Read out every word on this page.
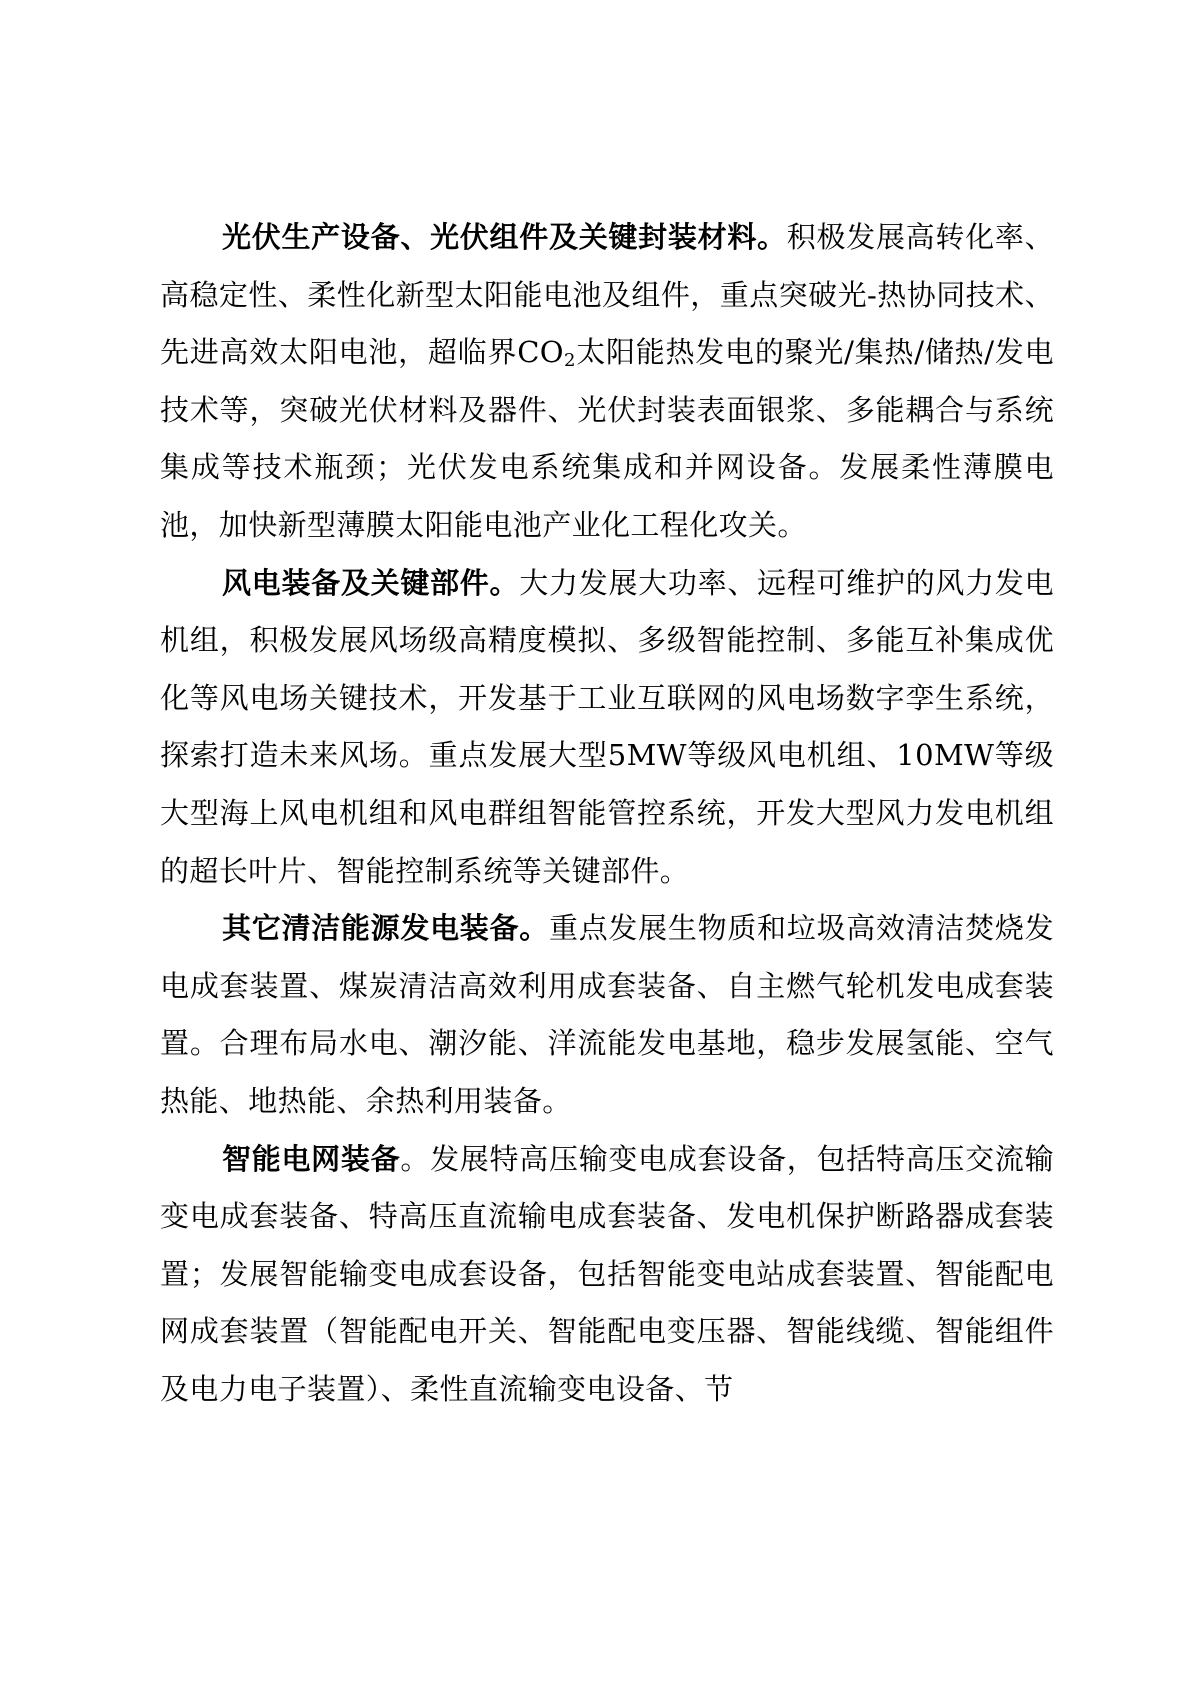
光伏生产设备、光伏组件及关键封装材料。积极发展高转化率、高稳定性、柔性化新型太阳能电池及组件，重点突破光-热协同技术、先进高效太阳电池，超临界$CO_2$太阳能热发电的聚光/集热/储热/发电技术等，突破光伏材料及器件、光伏封装表面银浆、多能耦合与系统集成等技术瓶颈；光伏发电系统集成和并网设备。发展柔性薄膜电池，加快新型薄膜太阳能电池产业化工程化攻关。

风电装备及关键部件。大力发展大功率、远程可维护的风力发电机组，积极发展风场级高精度模拟、多级智能控制、多能互补集成优化等风电场关键技术，开发基于工业互联网的风电场数字孪生系统，探索打造未来风场。重点发展大型5MW等级风电机组、10MW等级大型海上风电机组和风电群组智能管控系统，开发大型风力发电机组的超长叶片、智能控制系统等关键部件。

其它清洁能源发电装备。重点发展生物质和垃圾高效清洁焚烧发电成套装置、煤炭清洁高效利用成套装备、自主燃气轮机发电成套装置。合理布局水电、潮汐能、洋流能发电基地，稳步发展氢能、空气热能、地热能、余热利用装备。

智能电网装备。发展特高压输变电成套设备，包括特高压交流输变电成套装备、特高压直流输电成套装备、发电机保护断路器成套装置；发展智能输变电成套设备，包括智能变电站成套装置、智能配电网成套装置（智能配电开关、智能配电变压器、智能线缆、智能组件及电力电子装置）、柔性直流输变电设备、节
